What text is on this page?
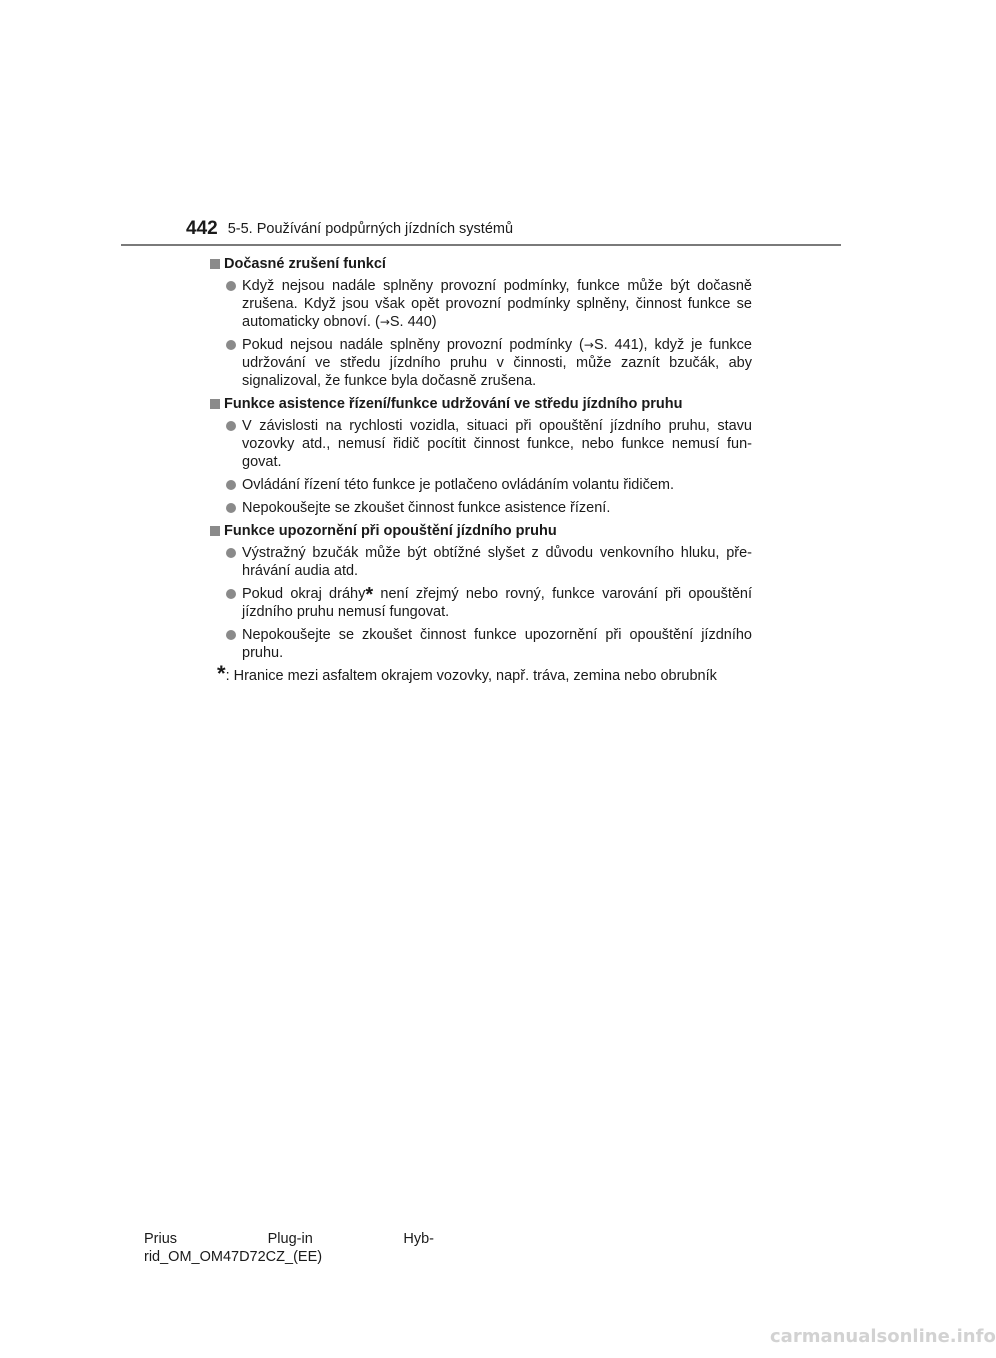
442 5-5. Používání podpůrných jízdních systémů
Dočasné zrušení funkcí
Když nejsou nadále splněny provozní podmínky, funkce může být dočasně zrušena. Když jsou však opět provozní podmínky splněny, činnost funkce se automaticky obnoví. (→S. 440)
Pokud nejsou nadále splněny provozní podmínky (→S. 441), když je funkce udržování ve středu jízdního pruhu v činnosti, může zaznít bzučák, aby signalizoval, že funkce byla dočasně zrušena.
Funkce asistence řízení/funkce udržování ve středu jízdního pruhu
V závislosti na rychlosti vozidla, situaci při opouštění jízdního pruhu, stavu vozovky atd., nemusí řidič pocítit činnost funkce, nebo funkce nemusí fun-govat.
Ovládání řízení této funkce je potlačeno ovládáním volantu řidičem.
Nepokoušejte se zkoušet činnost funkce asistence řízení.
Funkce upozornění při opouštění jízdního pruhu
Výstražný bzučák může být obtížné slyšet z důvodu venkovního hluku, pře-hrávání audia atd.
Pokud okraj dráhy* není zřejmý nebo rovný, funkce varování při opouštění jízdního pruhu nemusí fungovat.
Nepokoušejte se zkoušet činnost funkce upozornění při opouštění jízdního pruhu.
* : Hranice mezi asfaltem okrajem vozovky, např. tráva, zemina nebo obrubník
Prius	Plug-in	Hyb-
rid_OM_OM47D72CZ_(EE)
carmanualsonline.info
